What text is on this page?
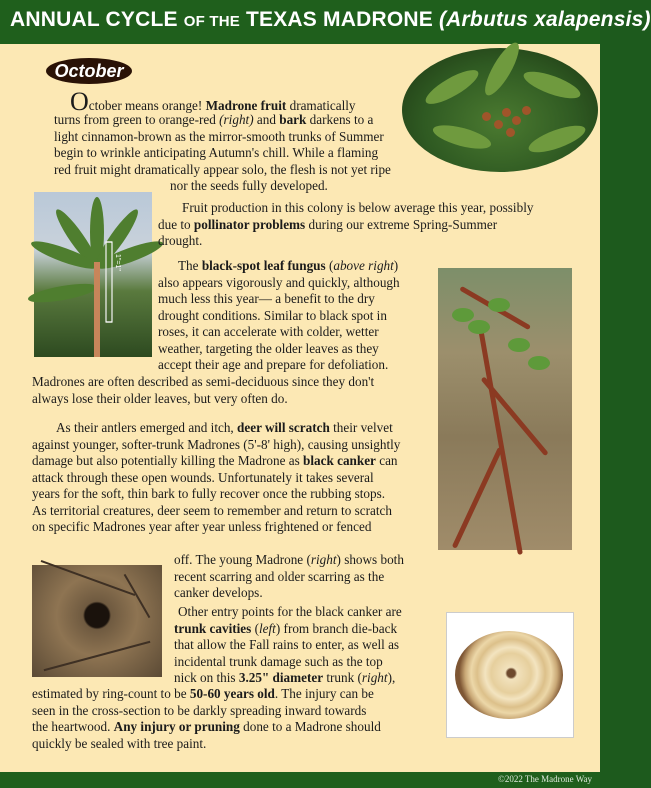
ANNUAL CYCLE OF THE TEXAS MADRONE (Arbutus xalapensis)
October
1"=1"
October means orange! Madrone fruit dramatically
turns from green to orange-red (right) and bark darkens to a
light cinnamon-brown as the mirror-smooth trunks of Summer
begin to wrinkle anticipating Autumn's chill. While a flaming
red fruit might dramatically appear solo, the flesh is not yet ripe
nor the seeds fully developed.
Fruit production in this colony is below average this year, possibly
due to pollinator problems during our extreme Spring-Summer
drought.
The black-spot leaf fungus (above right)
also appears vigorously and quickly, although
much less this year— a benefit to the dry
drought conditions. Similar to black spot in
roses, it can accelerate with colder, wetter
weather, targeting the older leaves as they
accept their age and prepare for defoliation.
Madrones are often described as semi-deciduous since they don't
always lose their older leaves, but very often do.
As their antlers emerged and itch, deer will scratch their velvet
against younger, softer-trunk Madrones (5'-8' high), causing unsightly
damage but also potentially killing the Madrone as black canker can
attack through these open wounds. Unfortunately it takes several
years for the soft, thin bark to fully recover once the rubbing stops.
As territorial creatures, deer seem to remember and return to scratch
on specific Madrones year after year unless frightened or fenced
off. The young Madrone (right) shows both
recent scarring and older scarring as the
canker develops.
Other entry points for the black canker are
trunk cavities (left) from branch die-back
that allow the Fall rains to enter, as well as
incidental trunk damage such as the top
nick on this 3.25" diameter trunk (right),
estimated by ring-count to be 50-60 years old. The injury can be
seen in the cross-section to be darkly spreading inward towards
the heartwood. Any injury or pruning done to a Madrone should
quickly be sealed with tree paint.
©2022 The Madrone Way
